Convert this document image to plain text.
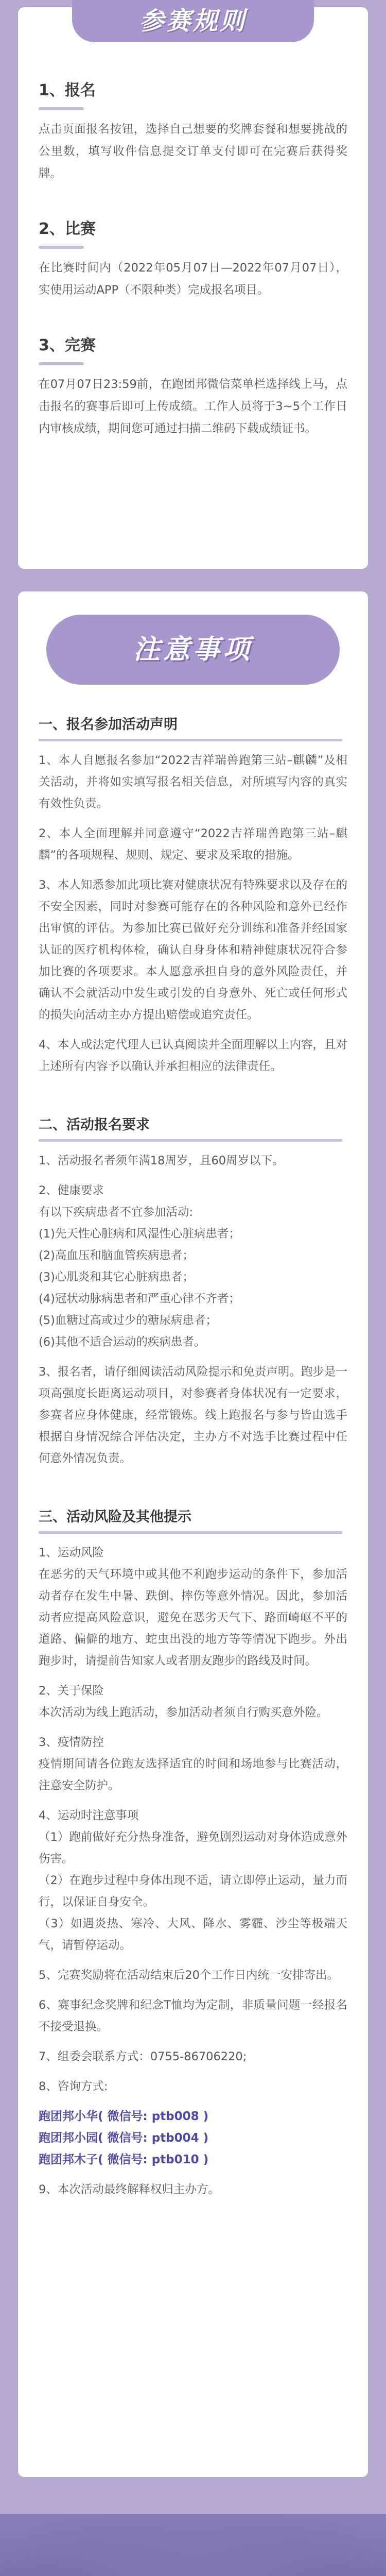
参赛规则
1、报名

点击页面报名按钮，选择自己想要的奖牌套餐和想要挑战的公里数，填写收件信息提交订单支付即可在完赛后获得奖牌。

2、比赛

在比赛时间内（2022年05月07日—2022年07月07日），实使用运动APP（不限种类）完成报名项目。

3、完赛

在07月07日23:59前，在跑团邦微信菜单栏选择线上马，点击报名的赛事后即可上传成绩。工作人员将于3~5个工作日内审核成绩，期间您可通过扫描二维码下载成绩证书。

注意事项
一、报名参加活动声明

1、本人自愿报名参加“2022吉祥瑞兽跑第三站–麒麟”及相关活动，并将如实填写报名相关信息，对所填写内容的真实有效性负责。

2、本人全面理解并同意遵守“2022吉祥瑞兽跑第三站–麒麟”的各项规程、规则、规定、要求及采取的措施。

3、本人知悉参加此项比赛对健康状况有特殊要求以及存在的不安全因素，同时对参赛可能存在的各种风险和意外已经作出审慎的评估。为参加比赛已做好充分训练和准备并经国家认证的医疗机构体检，确认自身身体和精神健康状况符合参加比赛的各项要求。本人愿意承担自身的意外风险责任，并确认不会就活动中发生或引发的自身意外、死亡或任何形式的损失向活动主办方提出赔偿或追究责任。

4、本人或法定代理人已认真阅读并全面理解以上内容，且对上述所有内容予以确认并承担相应的法律责任。

二、活动报名要求

1、活动报名者须年满18周岁，且60周岁以下。

2、健康要求

有以下疾病患者不宜参加活动:

(1)先天性心脏病和风湿性心脏病患者；

(2)高血压和脑血管疾病患者；

(3)心肌炎和其它心脏病患者；

(4)冠状动脉病患者和严重心律不齐者；

(5)血糖过高或过少的糖尿病患者；

(6)其他不适合运动的疾病患者。

3、报名者，请仔细阅读活动风险提示和免责声明。跑步是一项高强度长距离运动项目，对参赛者身体状况有一定要求，参赛者应身体健康，经常锻炼。线上跑报名与参与皆由选手根据自身情况综合评估决定，主办方不对选手比赛过程中任何意外情况负责。

三、活动风险及其他提示

1、运动风险

在恶劣的天气环境中或其他不利跑步运动的条件下，参加活动者存在发生中暑、跌倒、摔伤等意外情况。因此，参加活动者应提高风险意识，避免在恶劣天气下、路面崎岖不平的道路、偏僻的地方、蛇虫出没的地方等等情况下跑步。外出跑步时，请提前告知家人或者朋友跑步的路线及时间。

2、关于保险

本次活动为线上跑活动，参加活动者须自行购买意外险。

3、疫情防控

疫情期间请各位跑友选择适宜的时间和场地参与比赛活动，注意安全防护。

4、运动时注意事项

（1）跑前做好充分热身准备，避免剧烈运动对身体造成意外伤害。

（2）在跑步过程中身体出现不适，请立即停止运动，量力而行，以保证自身安全。

（3）如遇炎热、寒冷、大风、降水、雾霾、沙尘等极端天气，请暂停运动。

5、完赛奖励将在活动结束后20个工作日内统一安排寄出。

6、赛事纪念奖牌和纪念T恤均为定制，非质量问题一经报名不接受退换。

7、组委会联系方式：0755-86706220;

8、咨询方式:

跑团邦小华( 微信号: ptb008 )

跑团邦小园( 微信号: ptb004 )

跑团邦木子( 微信号: ptb010 )

9、本次活动最终解释权归主办方。
